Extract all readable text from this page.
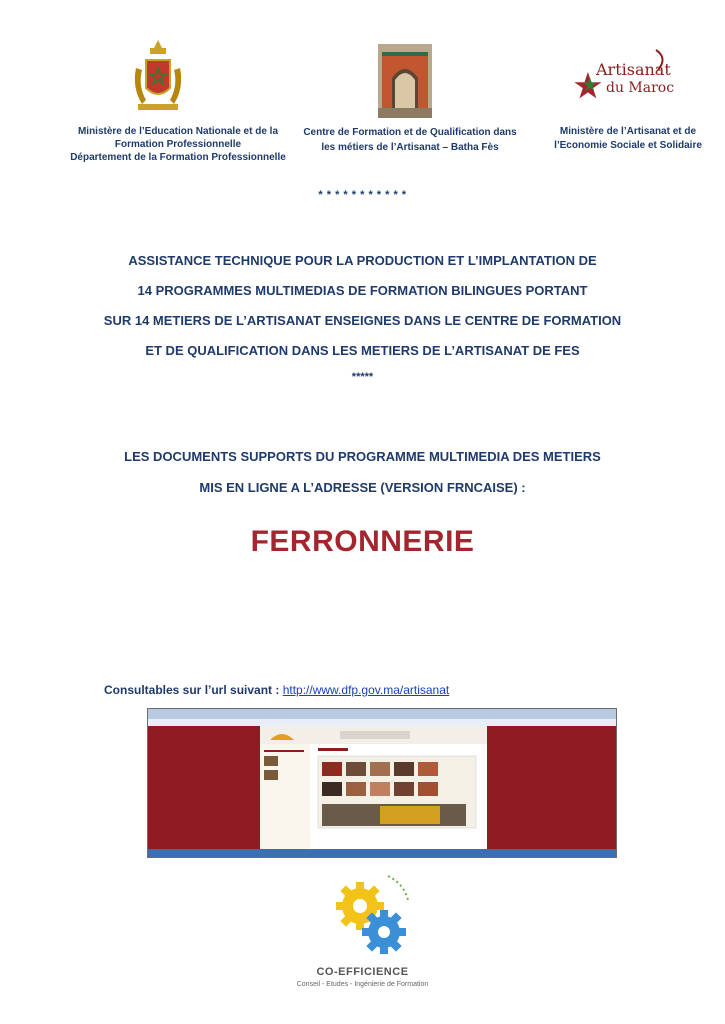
Artisanat
du Maroc
Ministère de l’Education Nationale et de la
Formation Professionnelle
Département de la Formation Professionnelle
Centre de Formation et de Qualification dans
les métiers de l’Artisanat – Batha Fès
Ministère de l’Artisanat et de
l’Economie Sociale et Solidaire
* * * * * * * * * * *
ASSISTANCE TECHNIQUE POUR LA PRODUCTION ET L’IMPLANTATION DE
14 PROGRAMMES MULTIMEDIAS DE FORMATION BILINGUES PORTANT
SUR 14 METIERS DE L’ARTISANAT ENSEIGNES DANS LE CENTRE DE FORMATION
ET DE QUALIFICATION DANS LES METIERS DE L’ARTISANAT DE FES
*****
LES DOCUMENTS SUPPORTS DU PROGRAMME MULTIMEDIA DES METIERS
MIS EN LIGNE A L’ADRESSE (VERSION FRNCAISE) :
FERRONNERIE
Consultables sur l’url suivant : http://www.dfp.gov.ma/artisanat
CO-EFFICIENCE
Conseil - Etudes - Ingénierie de Formation
